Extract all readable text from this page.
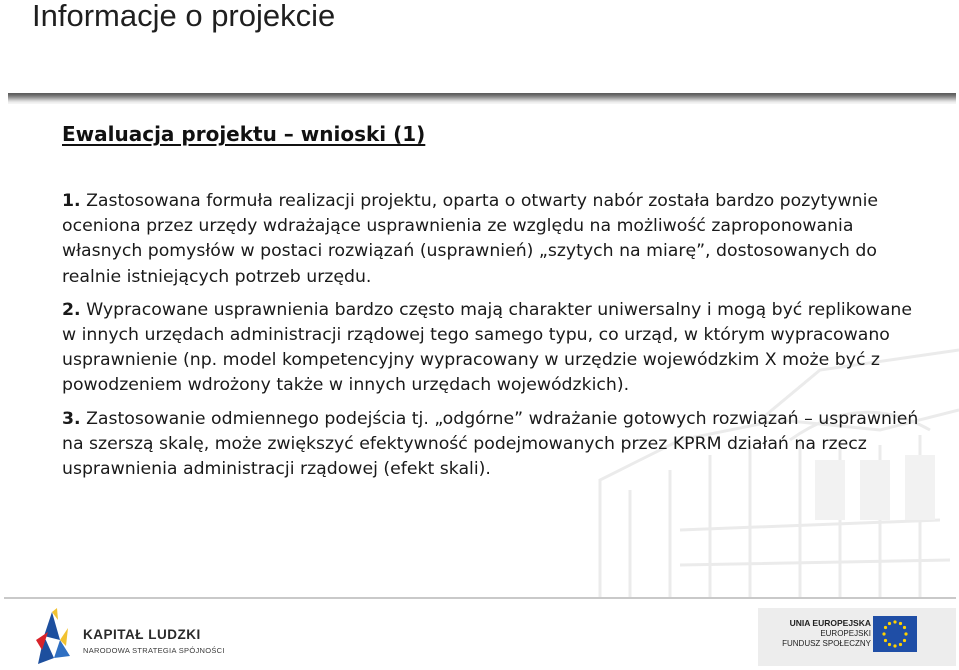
Informacje o projekcie
Ewaluacja projektu – wnioski (1)

1. Zastosowana formuła realizacji projektu, oparta o otwarty nabór została bardzo pozytywnie oceniona przez urzędy wdrażające usprawnienia ze względu na możliwość zaproponowania własnych pomysłów w postaci rozwiązań (usprawnień) „szytych na miarę”, dostosowanych do realnie istniejących potrzeb urzędu.

2. Wypracowane usprawnienia bardzo często mają charakter uniwersalny i mogą być replikowane w innych urzędach administracji rządowej tego samego typu, co urząd, w którym wypracowano usprawnienie (np. model kompetencyjny wypracowany w urzędzie wojewódzkim X może być z powodzeniem wdrożony także w innych urzędach wojewódzkich).

3. Zastosowanie odmiennego podejścia tj. „odgórne” wdrażanie gotowych rozwiązań – usprawnień na szerszą skalę, może zwiększyć efektywność podejmowanych przez KPRM działań na rzecz usprawnienia administracji rządowej (efekt skali).

KAPITAŁ LUDZKI
NARODOWA STRATEGIA SPÓJNOŚCI
UNIA EUROPEJSKA
EUROPEJSKI
FUNDUSZ SPOŁECZNY
